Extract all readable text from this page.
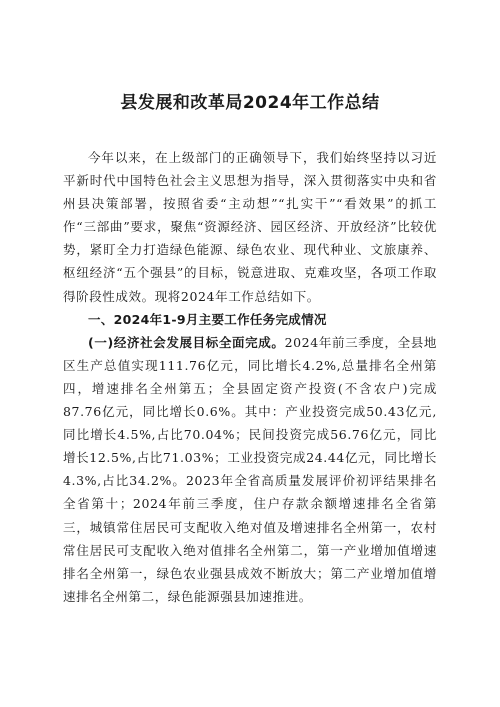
县发展和改革局2024年工作总结

今年以来，在上级部门的正确领导下，我们始终坚持以习近平新时代中国特色社会主义思想为指导，深入贯彻落实中央和省州县决策部署，按照省委“主动想”“扎实干”“看效果”的抓工作“三部曲”要求，聚焦“资源经济、园区经济、开放经济”比较优势，紧盯全力打造绿色能源、绿色农业、现代种业、文旅康养、枢纽经济“五个强县”的目标，锐意进取、克难攻坚，各项工作取得阶段性成效。现将2024年工作总结如下。

一、2024年1-9月主要工作任务完成情况

(一)经济社会发展目标全面完成。2024年前三季度，全县地区生产总值实现111.76亿元，同比增长4.2%,总量排名全州第四，增速排名全州第五；全县固定资产投资(不含农户)完成87.76亿元，同比增长0.6%。其中：产业投资完成50.43亿元,同比增长4.5%,占比70.04%；民间投资完成56.76亿元，同比增长12.5%,占比71.03%；工业投资完成24.44亿元，同比增长4.3%,占比34.2%。2023年全省高质量发展评价初评结果排名全省第十；2024年前三季度，住户存款余额增速排名全省第三，城镇常住居民可支配收入绝对值及增速排名全州第一，农村常住居民可支配收入绝对值排名全州第二，第一产业增加值增速排名全州第一，绿色农业强县成效不断放大；第二产业增加值增速排名全州第二，绿色能源强县加速推进。
